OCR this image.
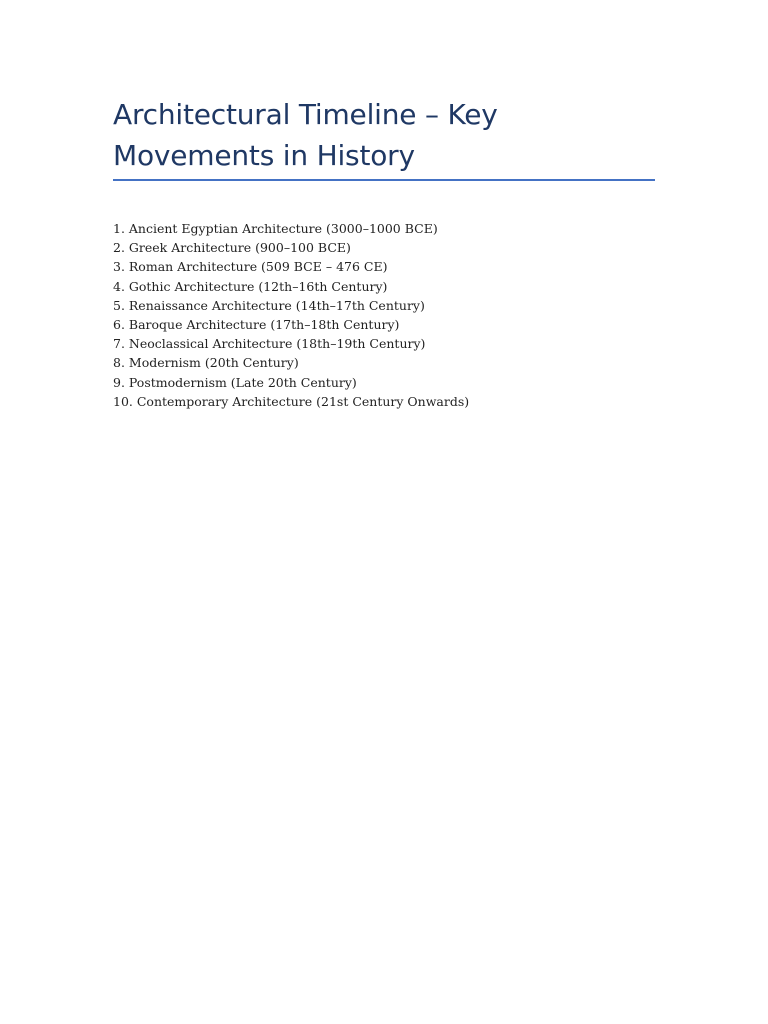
Architectural Timeline – Key
Movements in History
1. Ancient Egyptian Architecture (3000–1000 BCE)
2. Greek Architecture (900–100 BCE)
3. Roman Architecture (509 BCE – 476 CE)
4. Gothic Architecture (12th–16th Century)
5. Renaissance Architecture (14th–17th Century)
6. Baroque Architecture (17th–18th Century)
7. Neoclassical Architecture (18th–19th Century)
8. Modernism (20th Century)
9. Postmodernism (Late 20th Century)
10. Contemporary Architecture (21st Century Onwards)
